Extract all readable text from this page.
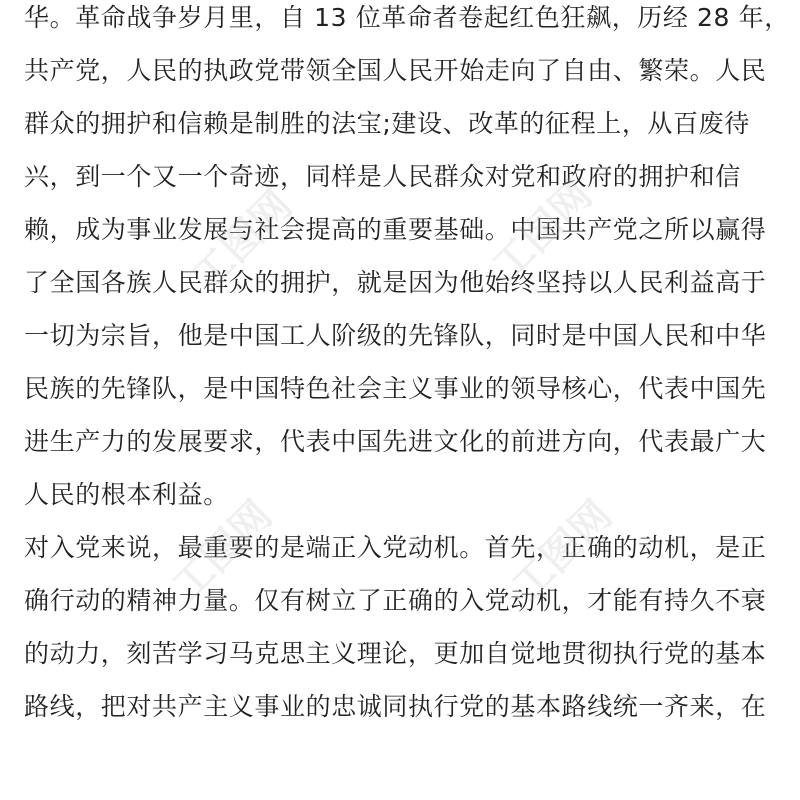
华。革命战争岁月里，自 13 位革命者卷起红色狂飙，历经 28 年，
共产党，人民的执政党带领全国人民开始走向了自由、繁荣。人民
群众的拥护和信赖是制胜的法宝;建设、改革的征程上，从百废待
兴，到一个又一个奇迹，同样是人民群众对党和政府的拥护和信
赖，成为事业发展与社会提高的重要基础。中国共产党之所以赢得
了全国各族人民群众的拥护，就是因为他始终坚持以人民利益高于
一切为宗旨，他是中国工人阶级的先锋队，同时是中国人民和中华
民族的先锋队，是中国特色社会主义事业的领导核心，代表中国先
进生产力的发展要求，代表中国先进文化的前进方向，代表最广大
人民的根本利益。
对入党来说，最重要的是端正入党动机。首先，正确的动机，是正
确行动的精神力量。仅有树立了正确的入党动机，才能有持久不衰
的动力，刻苦学习马克思主义理论，更加自觉地贯彻执行党的基本
路线，把对共产主义事业的忠诚同执行党的基本路线统一齐来，在
工图网	工图网
工图网	工图网
